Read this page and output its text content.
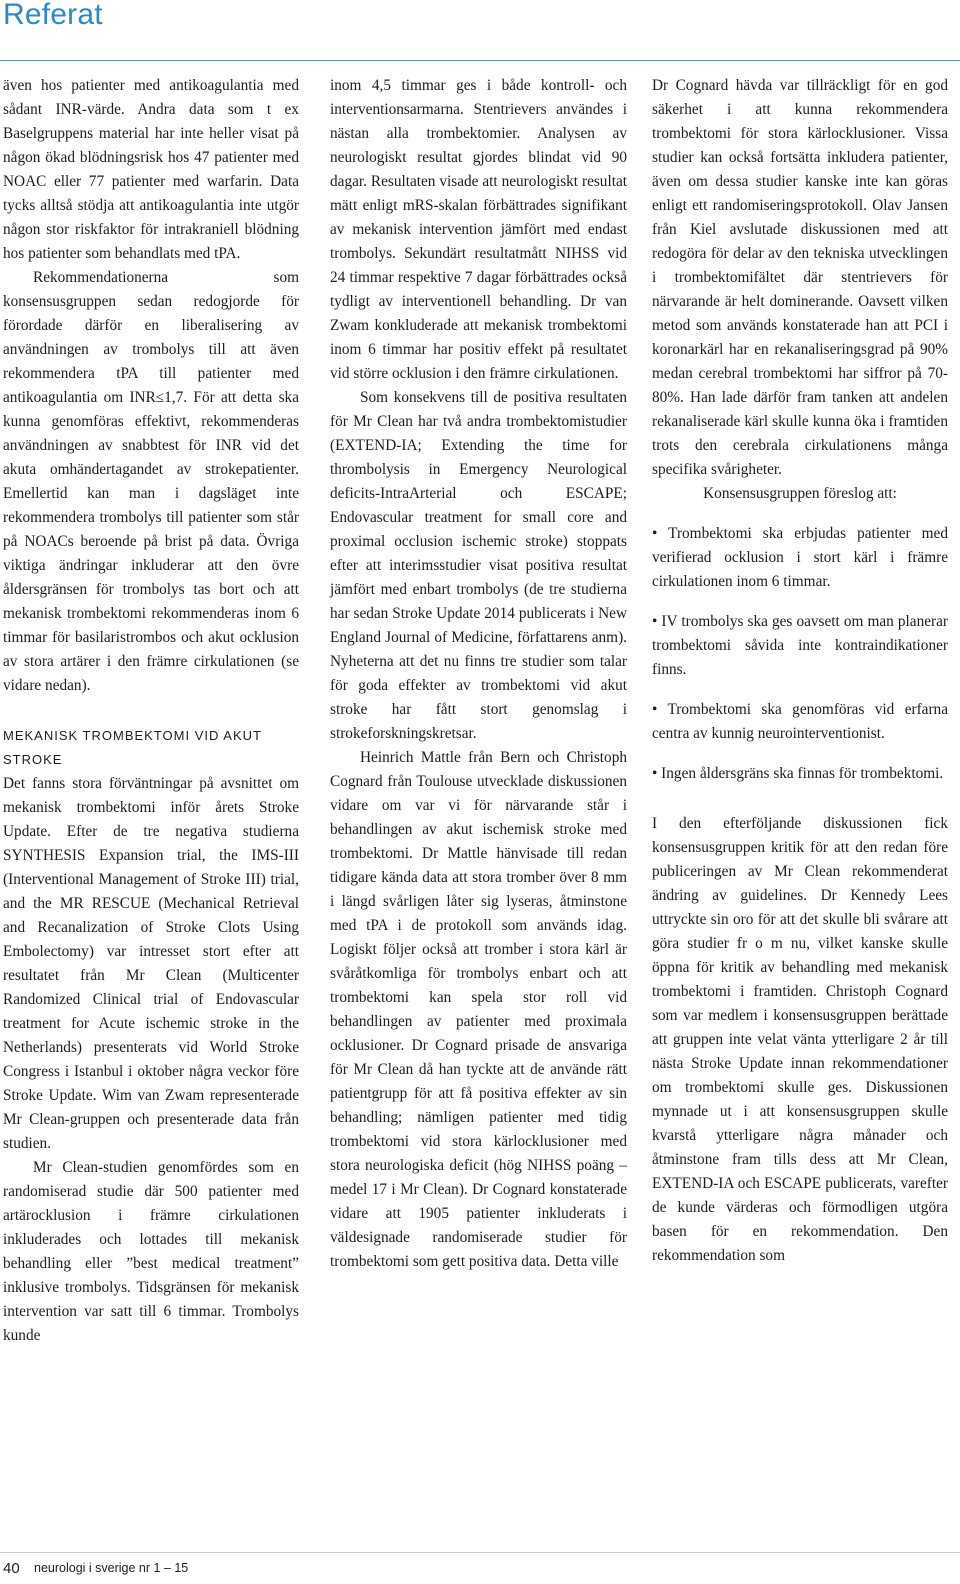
Referat

även hos patienter med antikoagulantia med sådant INR-värde. Andra data som t ex Baselgruppens material har inte heller visat på någon ökad blödningsrisk hos 47 patienter med NOAC eller 77 patienter med warfarin. Data tycks alltså stödja att antikoagulantia inte utgör någon stor riskfaktor för intrakraniell blödning hos patienter som behandlats med tPA.

Rekommendationerna som konsensusgruppen sedan redogjorde för förordade därför en liberalisering av användningen av trombolys till att även rekommendera tPA till patienter med antikoagulantia om INR≤1,7. För att detta ska kunna genomföras effektivt, rekommenderas användningen av snabbtest för INR vid det akuta omhändertagandet av strokepatienter. Emellertid kan man i dagsläget inte rekommendera trombolys till patienter som står på NOACs beroende på brist på data. Övriga viktiga ändringar inkluderar att den övre åldersgränsen för trombolys tas bort och att mekanisk trombektomi rekommenderas inom 6 timmar för basilaristrombos och akut ocklusion av stora artärer i den främre cirkulationen (se vidare nedan).

MEKANISK TROMBEKTOMI VID AKUT STROKE

Det fanns stora förväntningar på avsnittet om mekanisk trombektomi inför årets Stroke Update. Efter de tre negativa studierna SYNTHESIS Expansion trial, the IMS-III (Interventional Management of Stroke III) trial, and the MR RESCUE (Mechanical Retrieval and Recanalization of Stroke Clots Using Embolectomy) var intresset stort efter att resultatet från Mr Clean (Multicenter Randomized Clinical trial of Endovascular treatment for Acute ischemic stroke in the Netherlands) presenterats vid World Stroke Congress i Istanbul i oktober några veckor före Stroke Update. Wim van Zwam representerade Mr Clean-gruppen och presenterade data från studien.

Mr Clean-studien genomfördes som en randomiserad studie där 500 patienter med artärocklusion i främre cirkulationen inkluderades och lottades till mekanisk behandling eller ”best medical treatment” inklusive trombolys. Tidsgränsen för mekanisk intervention var satt till 6 timmar. Trombolys kunde

inom 4,5 timmar ges i både kontroll- och interventionsarmarna. Stentrievers användes i nästan alla trombektomier. Analysen av neurologiskt resultat gjordes blindat vid 90 dagar. Resultaten visade att neurologiskt resultat mätt enligt mRS-skalan förbättrades signifikant av mekanisk intervention jämfört med endast trombolys. Sekundärt resultatmått NIHSS vid 24 timmar respektive 7 dagar förbättrades också tydligt av interventionell behandling. Dr van Zwam konkluderade att mekanisk trombektomi inom 6 timmar har positiv effekt på resultatet vid större ocklusion i den främre cirkulationen.

Som konsekvens till de positiva resultaten för Mr Clean har två andra trombektomistudier (EXTEND-IA; Extending the time for thrombolysis in Emergency Neurological deficits-IntraArterial och ESCAPE; Endovascular treatment for small core and proximal occlusion ischemic stroke) stoppats efter att interimsstudier visat positiva resultat jämfört med enbart trombolys (de tre studierna har sedan Stroke Update 2014 publicerats i New England Journal of Medicine, författarens anm). Nyheterna att det nu finns tre studier som talar för goda effekter av trombektomi vid akut stroke har fått stort genomslag i strokeforskningskretsar.

Heinrich Mattle från Bern och Christoph Cognard från Toulouse utvecklade diskussionen vidare om var vi för närvarande står i behandlingen av akut ischemisk stroke med trombektomi. Dr Mattle hänvisade till redan tidigare kända data att stora tromber över 8 mm i längd svårligen låter sig lyseras, åtminstone med tPA i de protokoll som används idag. Logiskt följer också att tromber i stora kärl är svåråtkomliga för trombolys enbart och att trombektomi kan spela stor roll vid behandlingen av patienter med proximala ocklusioner. Dr Cognard prisade de ansvariga för Mr Clean då han tyckte att de använde rätt patientgrupp för att få positiva effekter av sin behandling; nämligen patienter med tidig trombektomi vid stora kärlocklusioner med stora neurologiska deficit (hög NIHSS poäng – medel 17 i Mr Clean). Dr Cognard konstaterade vidare att 1905 patienter inkluderats i väldesignade randomiserade studier för trombektomi som gett positiva data. Detta ville

Dr Cognard hävda var tillräckligt för en god säkerhet i att kunna rekommendera trombektomi för stora kärlocklusioner. Vissa studier kan också fortsätta inkludera patienter, även om dessa studier kanske inte kan göras enligt ett randomiseringsprotokoll. Olav Jansen från Kiel avslutade diskussionen med att redogöra för delar av den tekniska utvecklingen i trombektomifältet där stentrievers för närvarande är helt dominerande. Oavsett vilken metod som används konstaterade han att PCI i koronarkärl har en rekanaliseringsgrad på 90% medan cerebral trombektomi har siffror på 70-80%. Han lade därför fram tanken att andelen rekanaliserade kärl skulle kunna öka i framtiden trots den cerebrala cirkulationens många specifika svårigheter.

Konsensusgruppen föreslog att:

• Trombektomi ska erbjudas patienter med verifierad ocklusion i stort kärl i främre cirkulationen inom 6 timmar.

• IV trombolys ska ges oavsett om man planerar trombektomi såvida inte kontraindikationer finns.

• Trombektomi ska genomföras vid erfarna centra av kunnig neurointerventionist.

• Ingen åldersgräns ska finnas för trombektomi.

I den efterföljande diskussionen fick konsensusgruppen kritik för att den redan före publiceringen av Mr Clean rekommenderat ändring av guidelines. Dr Kennedy Lees uttryckte sin oro för att det skulle bli svårare att göra studier fr o m nu, vilket kanske skulle öppna för kritik av behandling med mekanisk trombektomi i framtiden. Christoph Cognard som var medlem i konsensusgruppen berättade att gruppen inte velat vänta ytterligare 2 år till nästa Stroke Update innan rekommendationer om trombektomi skulle ges. Diskussionen mynnade ut i att konsensusgruppen skulle kvarstå ytterligare några månader och åtminstone fram tills dess att Mr Clean, EXTEND-IA och ESCAPE publicerats, varefter de kunde värderas och förmodligen utgöra basen för en rekommendation. Den rekommendation som

40 neurologi i sverige nr 1 – 15
